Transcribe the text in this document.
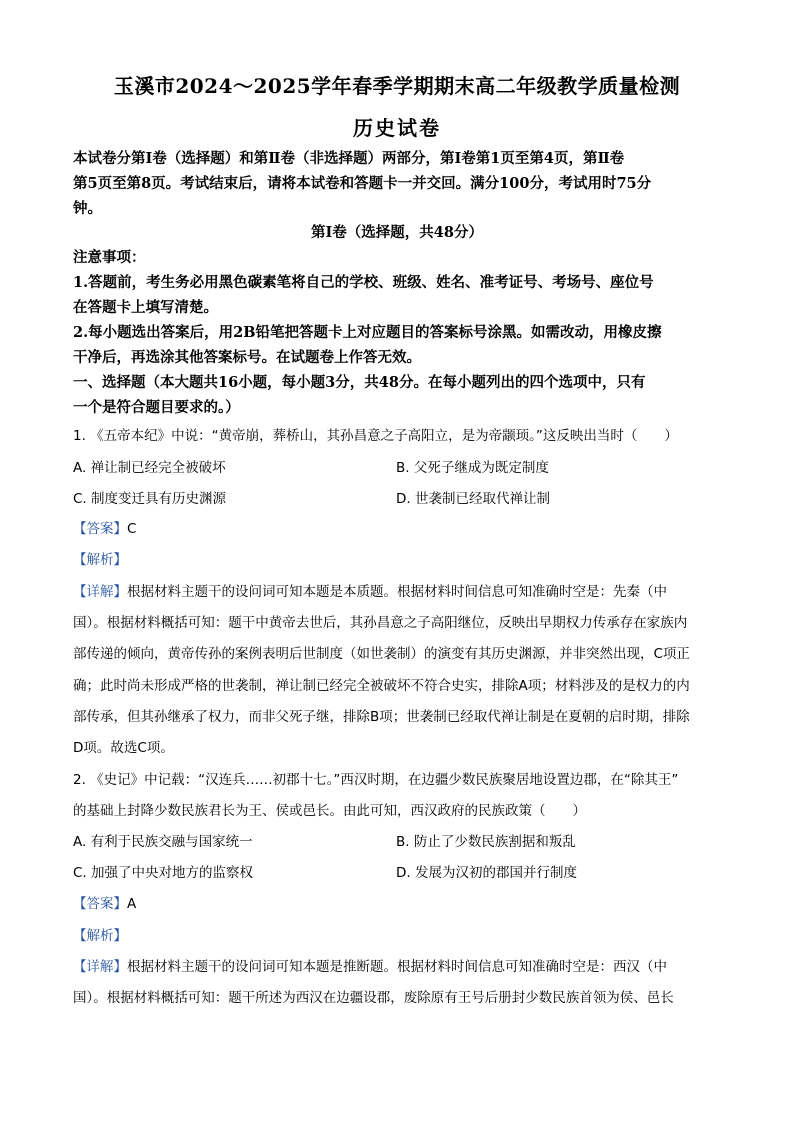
玉溪市2024～2025学年春季学期期末高二年级教学质量检测
历史试卷
本试卷分第Ⅰ卷（选择题）和第Ⅱ卷（非选择题）两部分，第Ⅰ卷第1页至第4页，第Ⅱ卷
第5页至第8页。考试结束后，请将本试卷和答题卡一并交回。满分100分，考试用时75分
钟。
第Ⅰ卷（选择题，共48分）
注意事项：
1.答题前，考生务必用黑色碳素笔将自己的学校、班级、姓名、准考证号、考场号、座位号
在答题卡上填写清楚。
2.每小题选出答案后，用2B铅笔把答题卡上对应题目的答案标号涂黑。如需改动，用橡皮擦
干净后，再选涂其他答案标号。在试题卷上作答无效。
一、选择题（本大题共16小题，每小题3分，共48分。在每小题列出的四个选项中，只有
一个是符合题目要求的。）
1. 《五帝本纪》中说：“黄帝崩，葬桥山，其孙昌意之子高阳立，是为帝颛顼。”这反映出当时（　　）
A. 禅让制已经完全被破坏	B. 父死子继成为既定制度
C. 制度变迁具有历史渊源	D. 世袭制已经取代禅让制
【答案】C
【解析】
【详解】根据材料主题干的设问词可知本题是本质题。根据材料时间信息可知准确时空是：先秦（中
国）。根据材料概括可知：题干中黄帝去世后，其孙昌意之子高阳继位，反映出早期权力传承存在家族内
部传递的倾向，黄帝传孙的案例表明后世制度（如世袭制）的演变有其历史渊源，并非突然出现，C项正
确；此时尚未形成严格的世袭制，禅让制已经完全被破坏不符合史实，排除A项；材料涉及的是权力的内
部传承，但其孙继承了权力，而非父死子继，排除B项；世袭制已经取代禅让制是在夏朝的启时期，排除
D项。故选C项。
2. 《史记》中记载：“汉连兵……初郡十七。”西汉时期，在边疆少数民族聚居地设置边郡，在“除其王”
的基础上封降少数民族君长为王、侯或邑长。由此可知，西汉政府的民族政策（　　）
A. 有利于民族交融与国家统一	B. 防止了少数民族割据和叛乱
C. 加强了中央对地方的监察权	D. 发展为汉初的郡国并行制度
【答案】A
【解析】
【详解】根据材料主题干的设问词可知本题是推断题。根据材料时间信息可知准确时空是：西汉（中
国）。根据材料概括可知：题干所述为西汉在边疆设郡，废除原有王号后册封少数民族首领为侯、邑长
